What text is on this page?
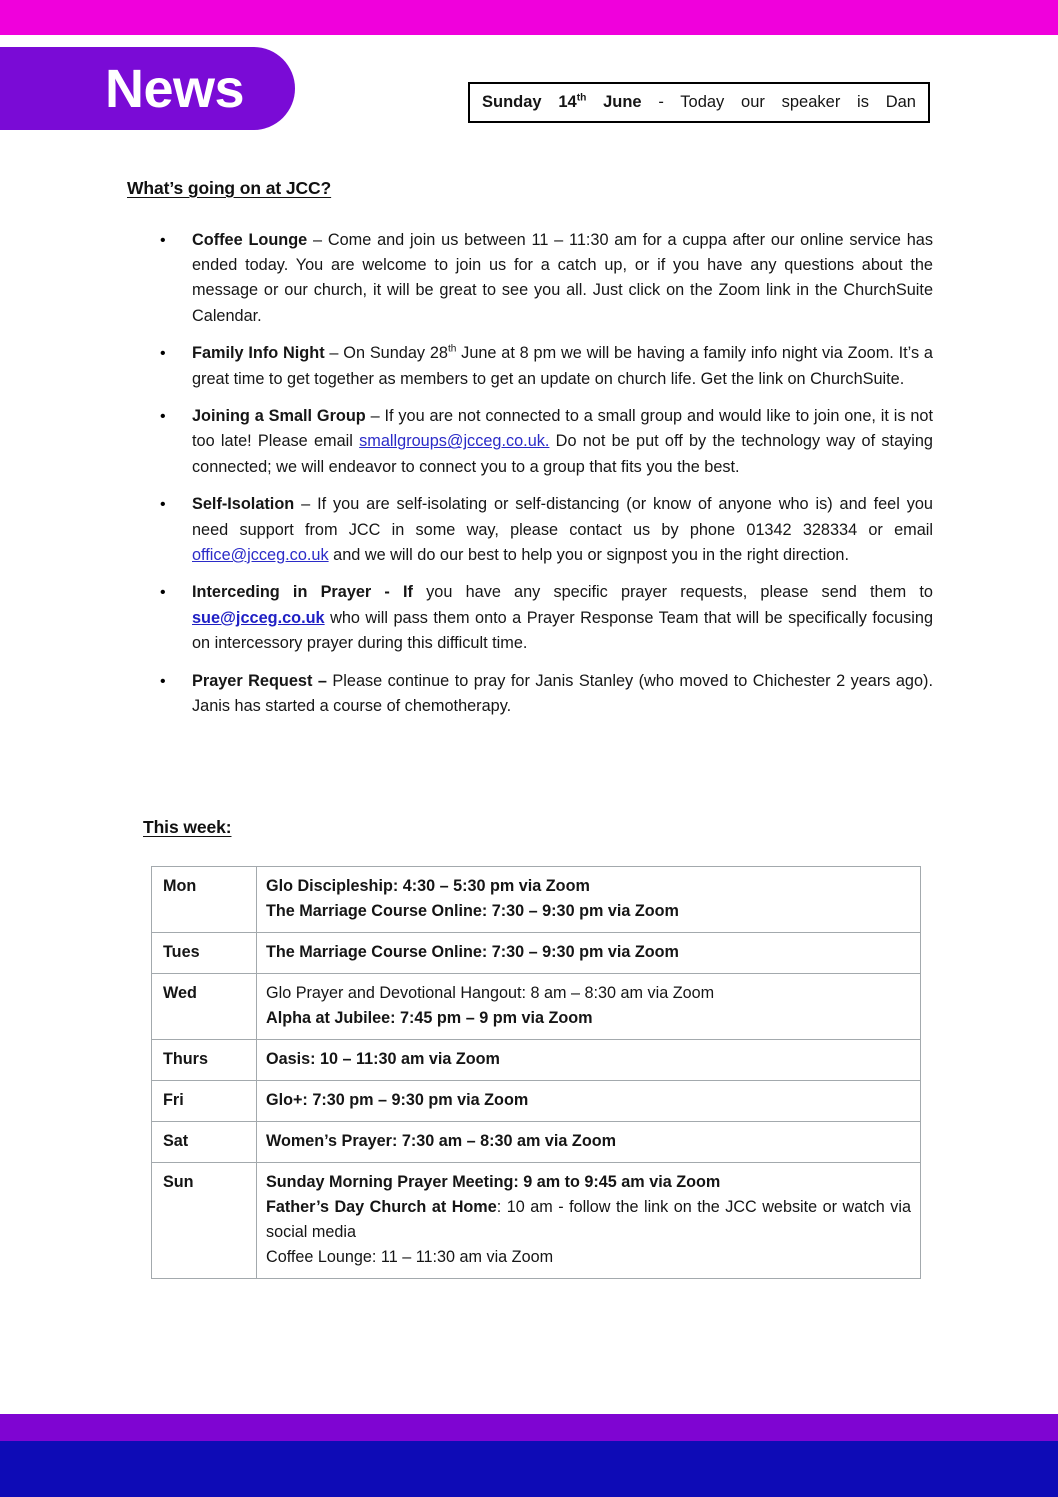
News	Sunday 14th June - Today our speaker is Dan
What’s going on at JCC?
• Coffee Lounge – Come and join us between 11 – 11:30 am for a cuppa after our online service has ended today. You are welcome to join us for a catch up, or if you have any questions about the message or our church, it will be great to see you all. Just click on the Zoom link in the ChurchSuite Calendar.
• Family Info Night – On Sunday 28th June at 8 pm we will be having a family info night via Zoom. It’s a great time to get together as members to get an update on church life. Get the link on ChurchSuite.
• Joining a Small Group – If you are not connected to a small group and would like to join one, it is not too late! Please email smallgroups@jcceg.co.uk. Do not be put off by the technology way of staying connected; we will endeavor to connect you to a group that fits you the best.
• Self-Isolation – If you are self-isolating or self-distancing (or know of anyone who is) and feel you need support from JCC in some way, please contact us by phone 01342 328334 or email office@jcceg.co.uk and we will do our best to help you or signpost you in the right direction.
• Interceding in Prayer - If you have any specific prayer requests, please send them to sue@jcceg.co.uk who will pass them onto a Prayer Response Team that will be specifically focusing on intercessory prayer during this difficult time.
• Prayer Request – Please continue to pray for Janis Stanley (who moved to Chichester 2 years ago). Janis has started a course of chemotherapy.
This week:
Mon	Glo Discipleship: 4:30 – 5:30 pm via Zoom
The Marriage Course Online: 7:30 – 9:30 pm via Zoom

Tues	The Marriage Course Online: 7:30 – 9:30 pm via Zoom

Wed	Glo Prayer and Devotional Hangout: 8 am – 8:30 am via Zoom
Alpha at Jubilee: 7:45 pm – 9 pm via Zoom

Thurs	Oasis: 10 – 11:30 am via Zoom

Fri	Glo+: 7:30 pm – 9:30 pm via Zoom

Sat	Women’s Prayer: 7:30 am – 8:30 am via Zoom

Sun	Sunday Morning Prayer Meeting: 9 am to 9:45 am via Zoom
Father’s Day Church at Home: 10 am - follow the link on the JCC website or watch via social media
Coffee Lounge: 11 – 11:30 am via Zoom
